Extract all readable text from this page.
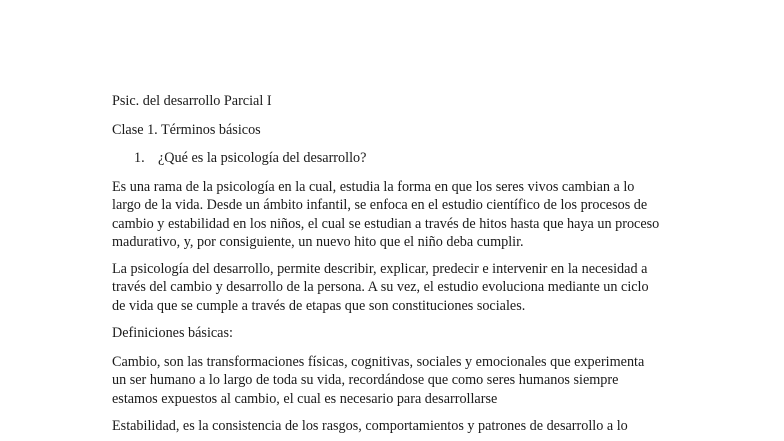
Psic. del desarrollo Parcial I

Clase 1. Términos básicos

1. ¿Qué es la psicología del desarrollo?
Es una rama de la psicología en la cual, estudia la forma en que los seres vivos cambian a lo
largo de la vida. Desde un ámbito infantil, se enfoca en el estudio científico de los procesos de
cambio y estabilidad en los niños, el cual se estudian a través de hitos hasta que haya un proceso
madurativo, y, por consiguiente, un nuevo hito que el niño deba cumplir.
La psicología del desarrollo, permite describir, explicar, predecir e intervenir en la necesidad a
través del cambio y desarrollo de la persona. A su vez, el estudio evoluciona mediante un ciclo
de vida que se cumple a través de etapas que son constituciones sociales.

Definiciones básicas:

Cambio, son las transformaciones físicas, cognitivas, sociales y emocionales que experimenta
un ser humano a lo largo de toda su vida, recordándose que como seres humanos siempre
estamos expuestos al cambio, el cual es necesario para desarrollarse
Estabilidad, es la consistencia de los rasgos, comportamientos y patrones de desarrollo a lo
